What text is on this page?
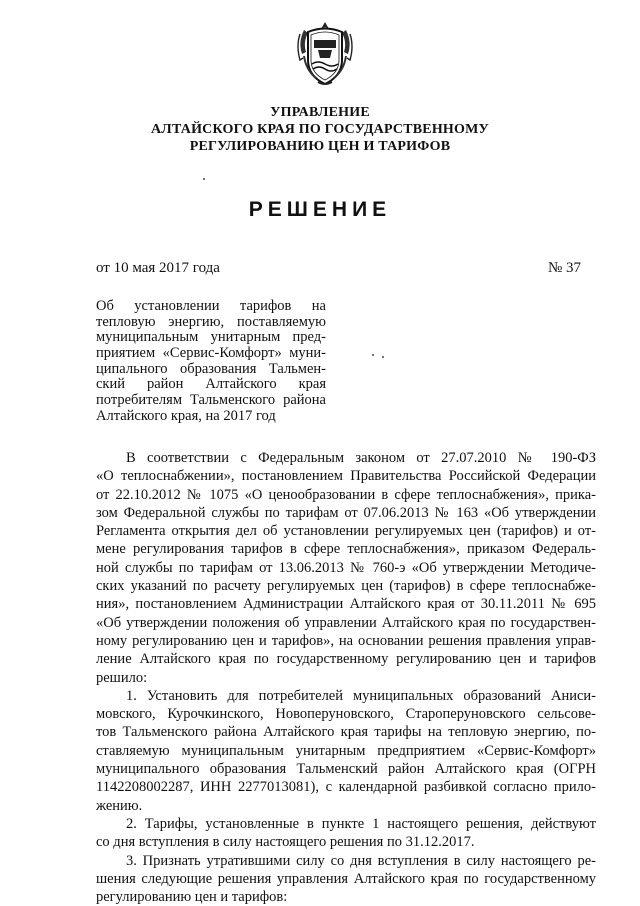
УПРАВЛЕНИЕ
АЛТАЙСКОГО КРАЯ ПО ГОСУДАРСТВЕННОМУ
РЕГУЛИРОВАНИЮ ЦЕН И ТАРИФОВ
РЕШЕНИЕ
от 10 мая 2017 года	№ 37
Об установлении тарифов на
тепловую энергию, поставляемую
муниципальным унитарным пред-
приятием «Сервис-Комфорт» муни-
ципального образования Тальмен-
ский район Алтайского края
потребителям Тальменского района
Алтайского края, на 2017 год
В соответствии с Федеральным законом от 27.07.2010 № 190-ФЗ
«О теплоснабжении», постановлением Правительства Российской Федерации
от 22.10.2012 № 1075 «О ценообразовании в сфере теплоснабжения», прика-
зом Федеральной службы по тарифам от 07.06.2013 № 163 «Об утверждении
Регламента открытия дел об установлении регулируемых цен (тарифов) и от-
мене регулирования тарифов в сфере теплоснабжения», приказом Федераль-
ной службы по тарифам от 13.06.2013 № 760-э «Об утверждении Методиче-
ских указаний по расчету регулируемых цен (тарифов) в сфере теплоснабже-
ния», постановлением Администрации Алтайского края от 30.11.2011 № 695
«Об утверждении положения об управлении Алтайского края по государствен-
ному регулированию цен и тарифов», на основании решения правления управ-
ление Алтайского края по государственному регулированию цен и тарифов
решило:
1. Установить для потребителей муниципальных образований Аниси-
мовского, Курочкинского, Новоперуновского, Староперуновского сельсове-
тов Тальменского района Алтайского края тарифы на тепловую энергию, по-
ставляемую муниципальным унитарным предприятием «Сервис-Комфорт»
муниципального образования Тальменский район Алтайского края (ОГРН
1142208002287, ИНН 2277013081), с календарной разбивкой согласно прило-
жению.
2. Тарифы, установленные в пункте 1 настоящего решения, действуют
со дня вступления в силу настоящего решения по 31.12.2017.
3. Признать утратившими силу со дня вступления в силу настоящего ре-
шения следующие решения управления Алтайского края по государственному
регулированию цен и тарифов:
